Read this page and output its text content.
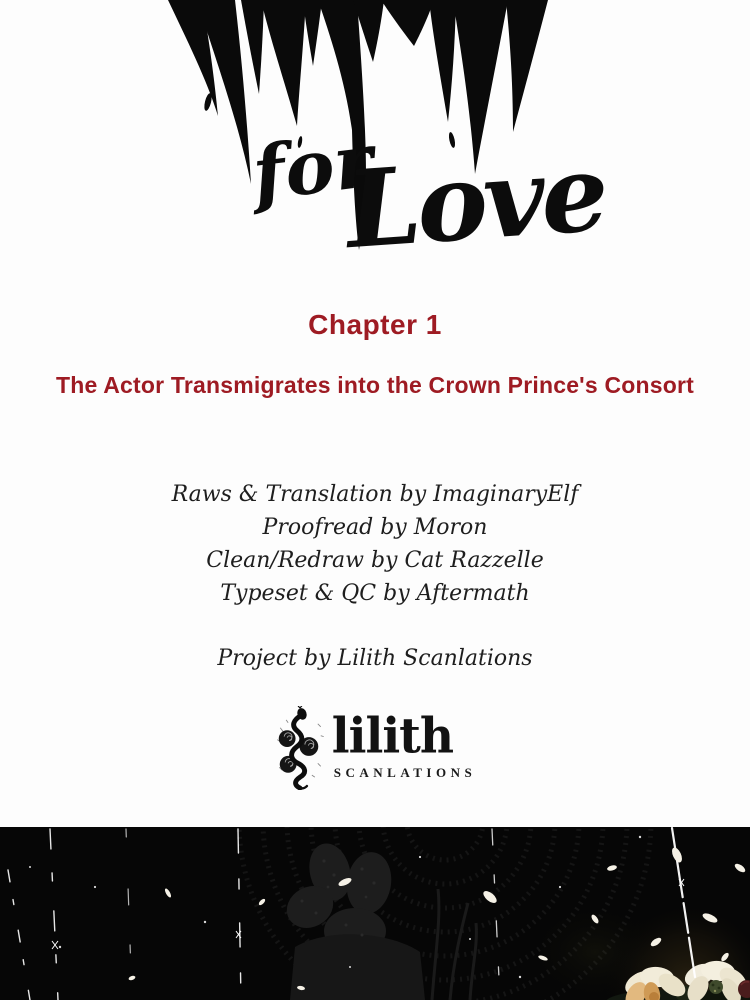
for
Love
Chapter 1
The Actor Transmigrates into the Crown Prince's Consort
Raws & Translation by ImaginaryElf
Proofread by Moron
Clean/Redraw by Cat Razzelle
Typeset & QC by Aftermath
Project by Lilith Scanlations
lilith
SCANLATIONS
